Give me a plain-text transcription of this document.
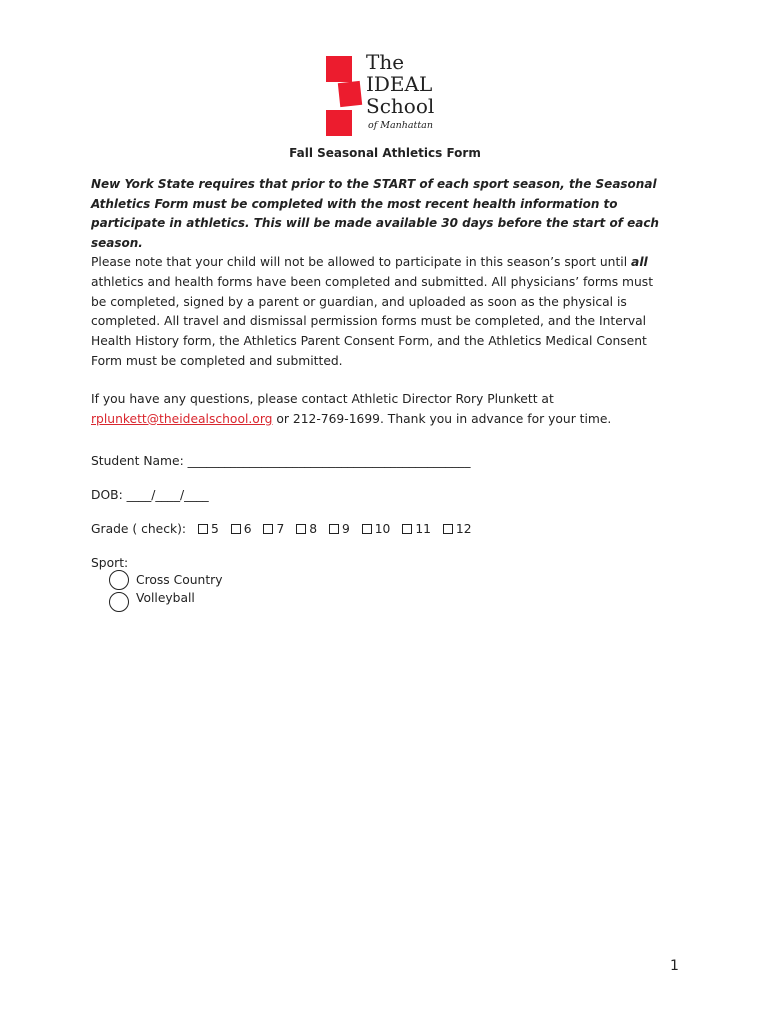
The
IDEAL
School
of Manhattan
Fall Seasonal Athletics Form
New York State requires that prior to the START of each sport season, the Seasonal Athletics Form must be completed with the most recent health information to participate in athletics. This will be made available 30 days before the start of each season.
Please note that your child will not be allowed to participate in this season’s sport until all athletics and health forms have been completed and submitted. All physicians’ forms must be completed, signed by a parent or guardian, and uploaded as soon as the physical is completed. All travel and dismissal permission forms must be completed, and the Interval Health History form, the Athletics Parent Consent Form, and the Athletics Medical Consent Form must be completed and submitted.
If you have any questions, please contact Athletic Director Rory Plunkett at rplunkett@theidealschool.org or 212-769-1699. Thank you in advance for your time.
Student Name: ______________________________________________
DOB: ____/____/____
Grade ( check): 5 6 7 8 9 10 11 12
Sport:
Cross Country
Volleyball
1
